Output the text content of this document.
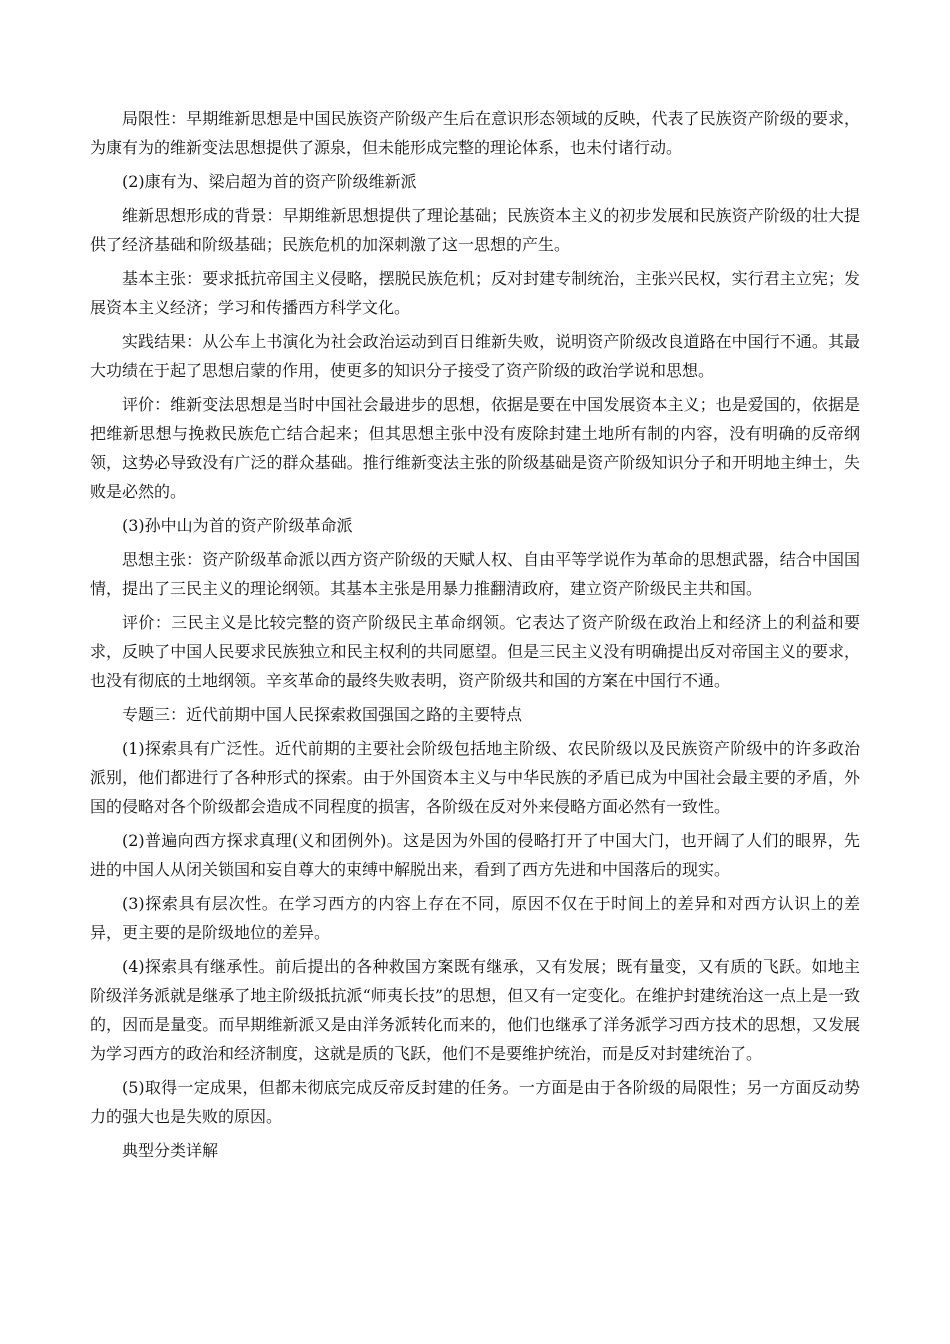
局限性：早期维新思想是中国民族资产阶级产生后在意识形态领域的反映，代表了民族资产阶级的要求，为康有为的维新变法思想提供了源泉，但未能形成完整的理论体系，也未付诸行动。

(2)康有为、梁启超为首的资产阶级维新派

维新思想形成的背景：早期维新思想提供了理论基础；民族资本主义的初步发展和民族资产阶级的壮大提供了经济基础和阶级基础；民族危机的加深刺激了这一思想的产生。

基本主张：要求抵抗帝国主义侵略，摆脱民族危机；反对封建专制统治，主张兴民权，实行君主立宪；发展资本主义经济；学习和传播西方科学文化。

实践结果：从公车上书演化为社会政治运动到百日维新失败，说明资产阶级改良道路在中国行不通。其最大功绩在于起了思想启蒙的作用，使更多的知识分子接受了资产阶级的政治学说和思想。

评价：维新变法思想是当时中国社会最进步的思想，依据是要在中国发展资本主义；也是爱国的，依据是把维新思想与挽救民族危亡结合起来；但其思想主张中没有废除封建土地所有制的内容，没有明确的反帝纲领，这势必导致没有广泛的群众基础。推行维新变法主张的阶级基础是资产阶级知识分子和开明地主绅士，失败是必然的。

(3)孙中山为首的资产阶级革命派

思想主张：资产阶级革命派以西方资产阶级的天赋人权、自由平等学说作为革命的思想武器，结合中国国情，提出了三民主义的理论纲领。其基本主张是用暴力推翻清政府，建立资产阶级民主共和国。

评价：三民主义是比较完整的资产阶级民主革命纲领。它表达了资产阶级在政治上和经济上的利益和要求，反映了中国人民要求民族独立和民主权利的共同愿望。但是三民主义没有明确提出反对帝国主义的要求，也没有彻底的土地纲领。辛亥革命的最终失败表明，资产阶级共和国的方案在中国行不通。

专题三：近代前期中国人民探索救国强国之路的主要特点

(1)探索具有广泛性。近代前期的主要社会阶级包括地主阶级、农民阶级以及民族资产阶级中的许多政治派别，他们都进行了各种形式的探索。由于外国资本主义与中华民族的矛盾已成为中国社会最主要的矛盾，外国的侵略对各个阶级都会造成不同程度的损害，各阶级在反对外来侵略方面必然有一致性。

(2)普遍向西方探求真理(义和团例外)。这是因为外国的侵略打开了中国大门，也开阔了人们的眼界，先进的中国人从闭关锁国和妄自尊大的束缚中解脱出来，看到了西方先进和中国落后的现实。

(3)探索具有层次性。在学习西方的内容上存在不同，原因不仅在于时间上的差异和对西方认识上的差异，更主要的是阶级地位的差异。

(4)探索具有继承性。前后提出的各种救国方案既有继承，又有发展；既有量变，又有质的飞跃。如地主阶级洋务派就是继承了地主阶级抵抗派“师夷长技”的思想，但又有一定变化。在维护封建统治这一点上是一致的，因而是量变。而早期维新派又是由洋务派转化而来的，他们也继承了洋务派学习西方技术的思想，又发展为学习西方的政治和经济制度，这就是质的飞跃，他们不是要维护统治，而是反对封建统治了。

(5)取得一定成果，但都未彻底完成反帝反封建的任务。一方面是由于各阶级的局限性；另一方面反动势力的强大也是失败的原因。

典型分类详解
